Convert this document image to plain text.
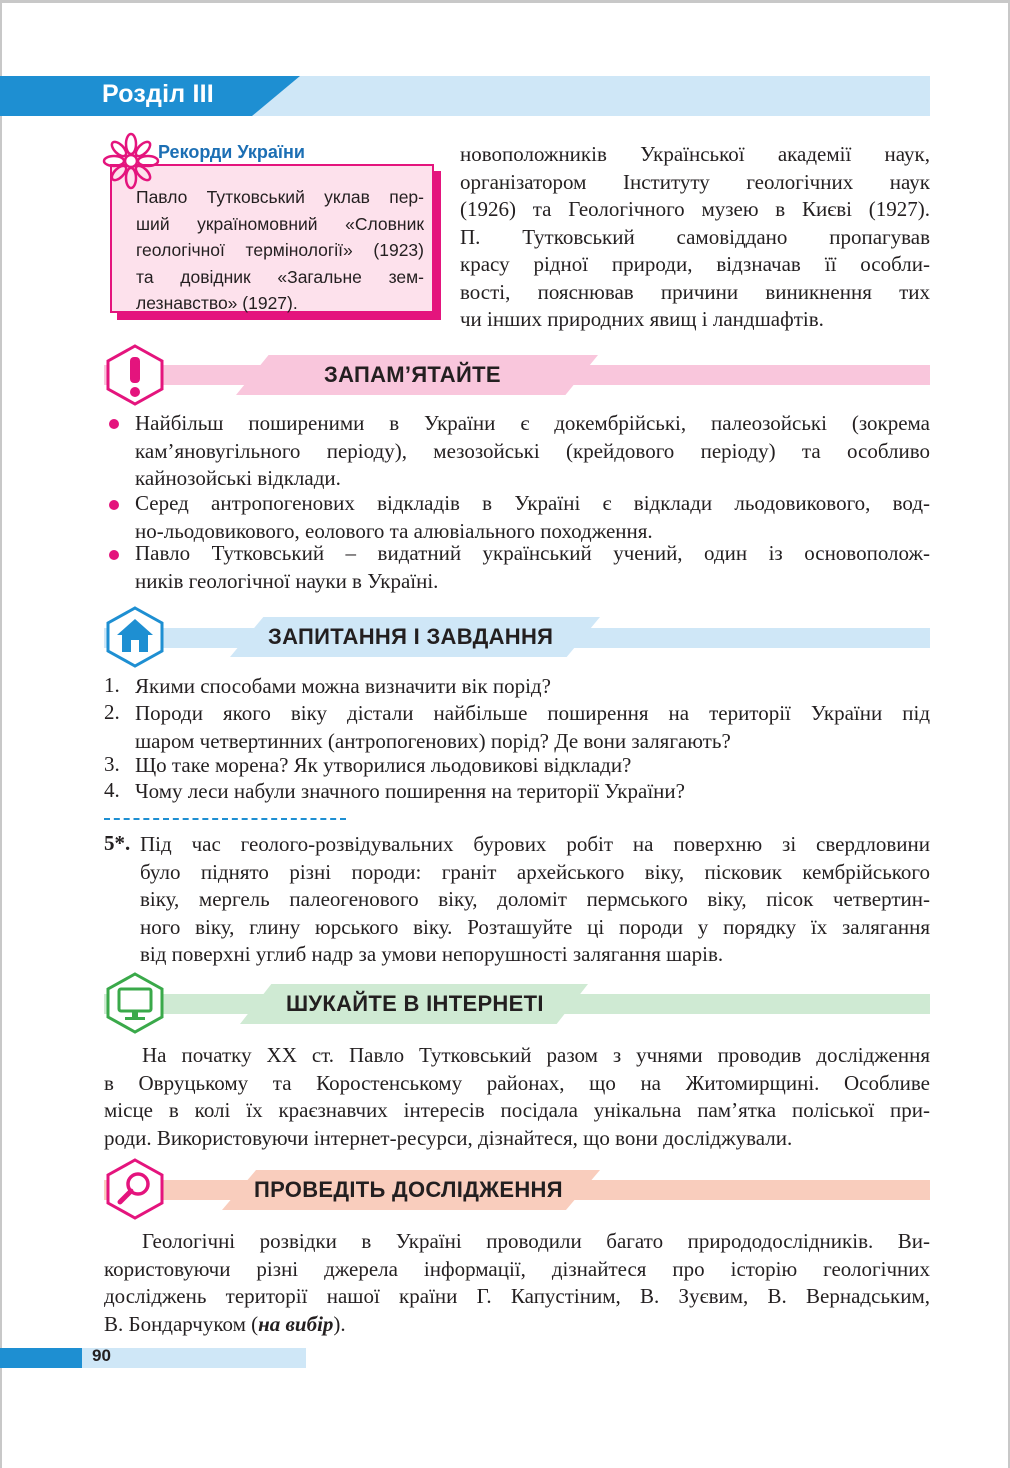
Розділ III
Рекорди України
Павло Тутковський уклав пер-
ший україномовний «Словник
геологічної термінології» (1923)
та довідник «Загальне зем-
лезнавство» (1927).
новоположників Української академії наук,
організатором Інституту геологічних наук
(1926) та Геологічного музею в Києві (1927).
П. Тутковський самовіддано пропагував
красу рідної природи, відзначав її особли-
вості, пояснював причини виникнення тих
чи інших природних явищ і ландшафтів.
ЗАПАМ’ЯТАЙТЕ
Найбільш поширеними в України є докембрійські, палеозойські (зокрема
кам’яновугільного періоду), мезозойські (крейдового періоду) та особливо
кайнозойські відклади.
Серед антропогенових відкладів в Україні є відклади льодовикового, вод-
но-льодовикового, еолового та алювіального походження.
Павло Тутковський – видатний український учений, один із основополож-
ників геологічної науки в Україні.
ЗАПИТАННЯ І ЗАВДАННЯ
1. Якими способами можна визначити вік порід?
2. Породи якого віку дістали найбільше поширення на території України під
шаром четвертинних (антропогенових) порід? Де вони залягають?
3. Що таке морена? Як утворилися льодовикові відклади?
4. Чому леси набули значного поширення на території України?
5*. Під час геолого-розвідувальних бурових робіт на поверхню зі свердловини
було піднято різні породи: граніт архейського віку, пісковик кембрійського
віку, мергель палеогенового віку, доломіт пермського віку, пісок четвертин-
ного віку, глину юрського віку. Розташуйте ці породи у порядку їх залягання
від поверхні углиб надр за умови непорушності залягання шарів.
ШУКАЙТЕ В ІНТЕРНЕТІ
На початку XX ст. Павло Тутковський разом з учнями проводив дослідження
в Овруцькому та Коростенському районах, що на Житомирщині. Особливе
місце в колі їх краєзнавчих інтересів посідала унікальна пам’ятка поліської при-
роди. Використовуючи інтернет-ресурси, дізнайтеся, що вони досліджували.
ПРОВЕДІТЬ ДОСЛІДЖЕННЯ
Геологічні розвідки в Україні проводили багато природодослідників. Ви-
користовуючи різні джерела інформації, дізнайтеся про історію геологічних
досліджень території нашої країни Г. Капустіним, В. Зуєвим, В. Вернадським,
В. Бондарчуком (на вибір).
90
